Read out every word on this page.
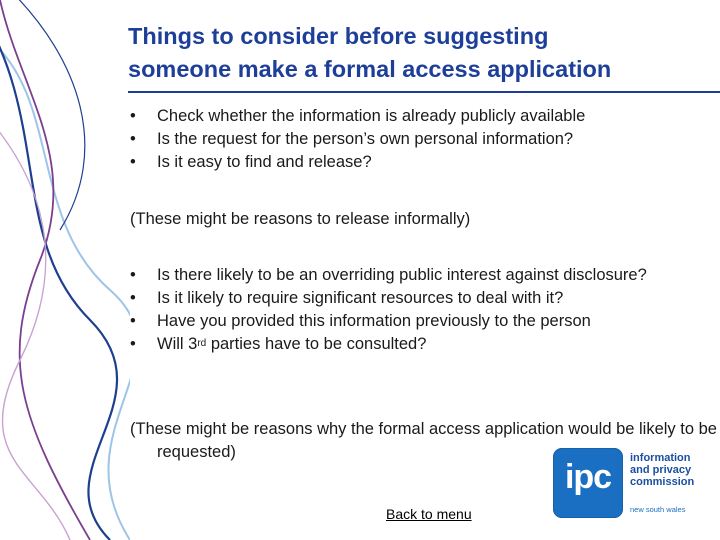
Things to consider before suggesting
someone make a formal access application
• Check whether the information is already publicly available
• Is the request for the person’s own personal information?
• Is it easy to find and release?
(These might be reasons to release informally)
• Is there likely to be an overriding public interest against disclosure?
• Is it likely to require significant resources to deal with it?
• Have you provided this information previously to the person
• Will 3rd parties have to be consulted?
(These might be reasons why the formal access application would be likely to be requested)
Back to menu
ipc	information
and privacy
commission
new south wales
